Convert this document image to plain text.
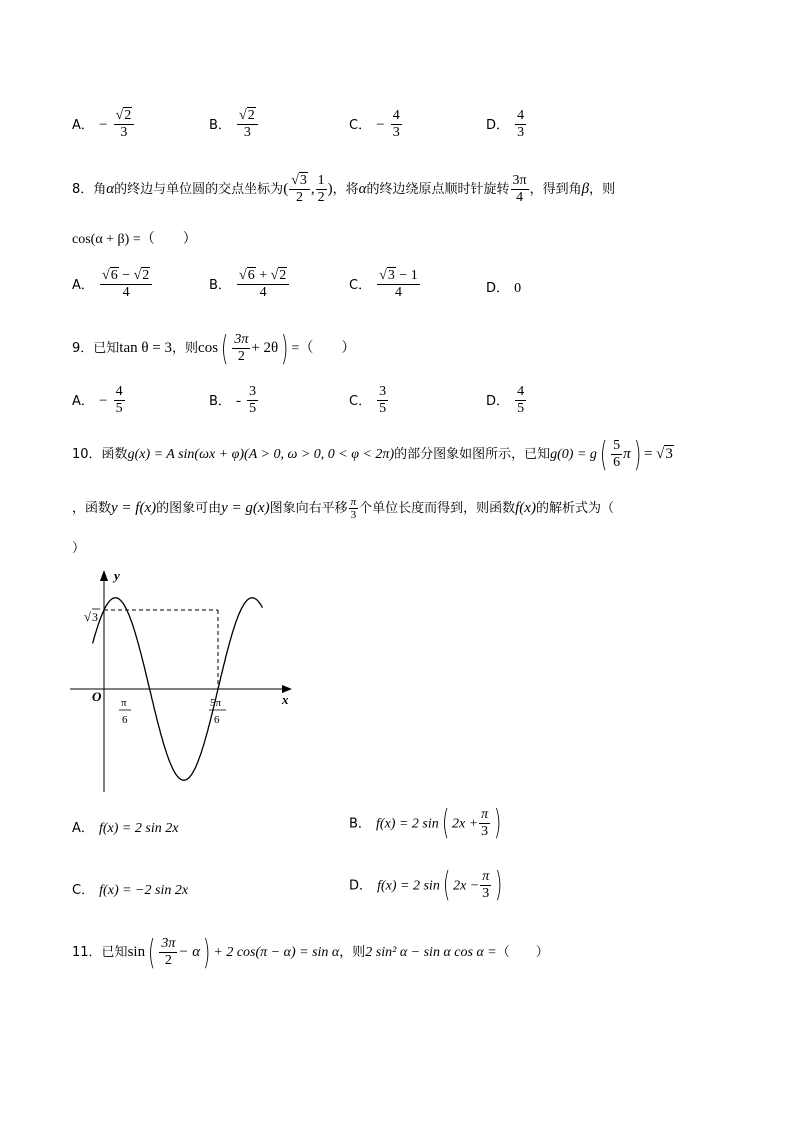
A． − $\frac{√2}{3}$	B． $\frac{√2}{3}$	C． − $\frac{4}{3}$	D． $\frac{4}{3}$
8．角α的终边与单位圆的交点坐标为( $\frac{√3}{2}$ , $\frac{1}{2}$ )，将α的终边绕原点顺时针旋转 $\frac{3\pi}{4}$ ，得到角β，则
cos(α + β) =（　　）
A． $\frac{√6 - √2}{4}$	B． $\frac{√6 + √2}{4}$	C． $\frac{√3 - 1}{4}$	D． 0
9．已知tan θ = 3，则$\cos( \frac{3\pi}{2} + 2\theta)$ =（　　）
A． − $\frac{4}{5}$	B． - $\frac{3}{5}$	C． $\frac{3}{5}$	D． $\frac{4}{5}$
10．函数g(x) = A sin(ωx + φ)(A > 0, ω > 0, 0 < φ < 2π)的部分图象如图所示，已知$g(0) = g( \frac{5}{6} \pi) = √3$
，函数y = f(x)的图象可由y = g(x)图象向右平移 $\frac{\pi}{3}$ 个单位长度而得到，则函数f(x)的解析式为（
）
y
x
O
√ 3
π
6
5π
6
A． f(x) = 2 sin 2x	B． f(x) = 2 sin( $2x + \frac{\pi}{3}$ )
C． f(x) = −2 sin 2x	D． f(x) = 2 sin( $2x - \frac{\pi}{3}$ )
11．已知$\sin( \frac{3\pi}{2} - \alpha) + 2$ cos(π − α) = sin α，则2 sin² α − sin α cos α =（　　）
